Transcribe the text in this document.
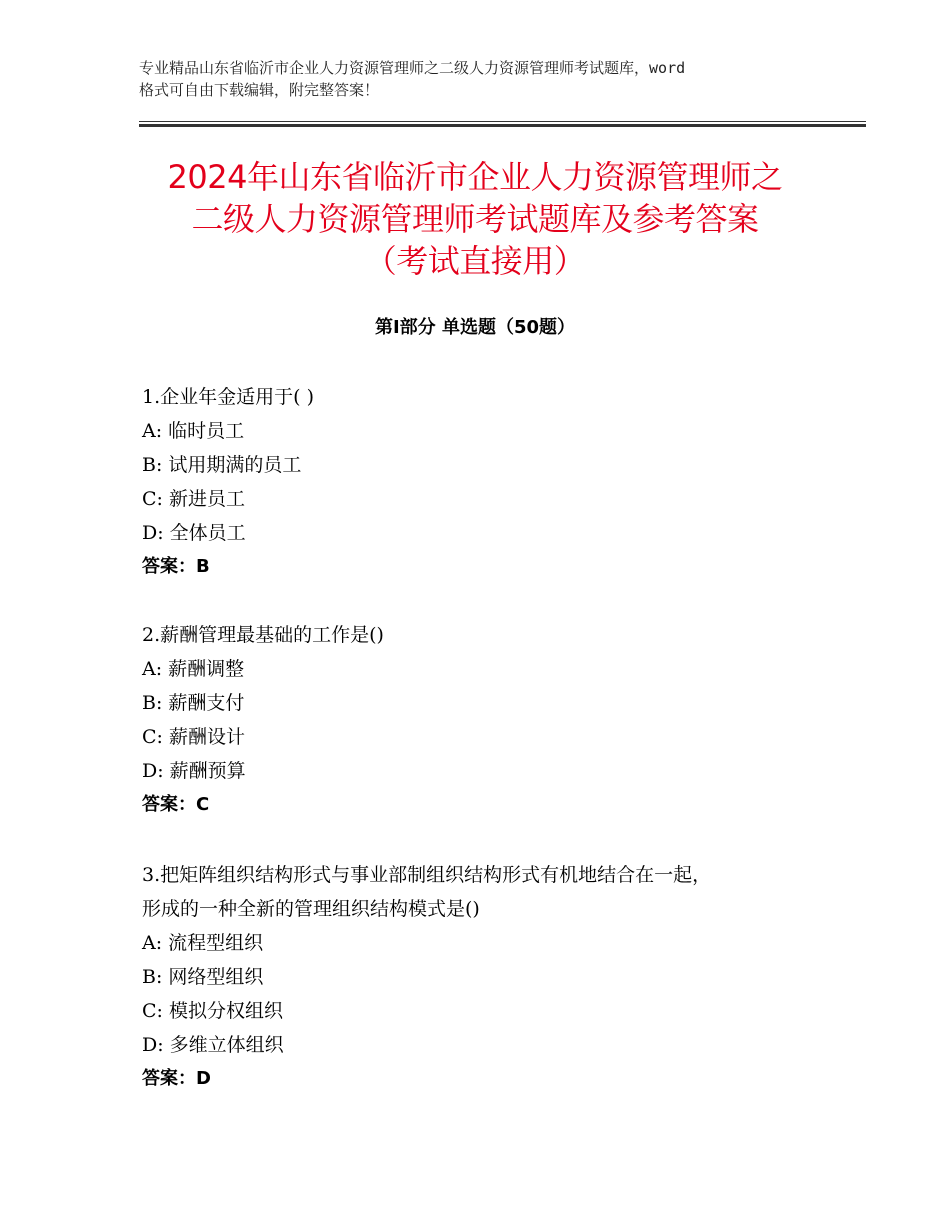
专业精品山东省临沂市企业人力资源管理师之二级人力资源管理师考试题库，word
格式可自由下载编辑，附完整答案！
2024年山东省临沂市企业人力资源管理师之
二级人力资源管理师考试题库及参考答案
（考试直接用）
第Ⅰ部分 单选题（50题）
1.企业年金适用于( )
A: 临时员工
B: 试用期满的员工
C: 新进员工
D: 全体员工
答案：B
2.薪酬管理最基础的工作是()
A: 薪酬调整
B: 薪酬支付
C: 薪酬设计
D: 薪酬预算
答案：C
3.把矩阵组织结构形式与事业部制组织结构形式有机地结合在一起，
形成的一种全新的管理组织结构模式是()
A: 流程型组织
B: 网络型组织
C: 模拟分权组织
D: 多维立体组织
答案：D
